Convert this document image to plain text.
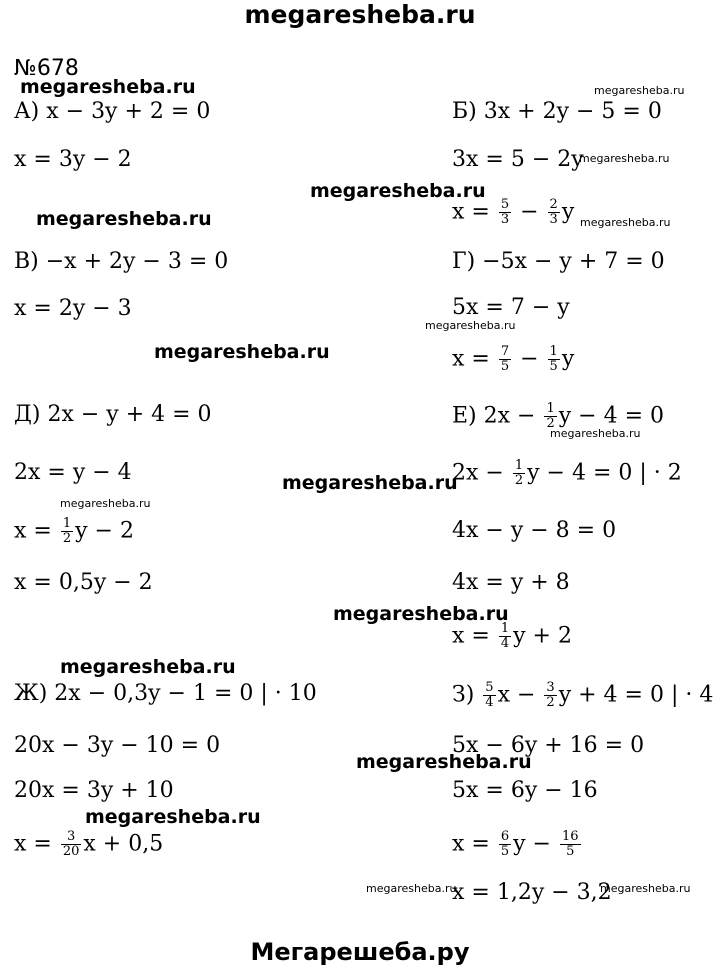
megaresheba.ru
№678
megaresheba.ru
megaresheba.ru
megaresheba.ru
megaresheba.ru
megaresheba.ru
megaresheba.ru
megaresheba.ru
megaresheba.ru
megaresheba.ru
megaresheba.ru
megaresheba.ru
megaresheba.ru
megaresheba.ru
megaresheba.ru
megaresheba.ru
megaresheba.ru	megaresheba.ru
А) x − 3y + 2 = 0
x = 3y − 2
В) −x + 2y − 3 = 0
x = 2y − 3
Д) 2x − y + 4 = 0
2x = y − 4
$x = \frac{1}{2}$ y − 2
x = 0,5y − 2
Ж) 2x − 0,3y − 1 = 0 | · 10
20x − 3y − 10 = 0
20x = 3y + 10
$x = \frac{3}{20}$ x + 0,5
Б) 3x + 2y − 5 = 0
3x = 5 − 2y
$x = \frac{5}{3} - \frac{2}{3}$ y
Г) −5x − y + 7 = 0
5x = 7 − y
$x = \frac{7}{5} - \frac{1}{5}$ y
Е) $2x - \frac{1}{2}$ y − 4 = 0
$2x - \frac{1}{2}$ y − 4 = 0 | · 2
4x − y − 8 = 0
4x = y + 8
$x = \frac{1}{4}$ y + 2
$З) \frac{5}{4}$ $x - \frac{3}{2}$ y + 4 = 0 | · 4
5x − 6y + 16 = 0
5x = 6y − 16
$x = \frac{6}{5}$ $y - \frac{16}{5}$
x = 1,2y − 3,2
Мегарешеба.ру
